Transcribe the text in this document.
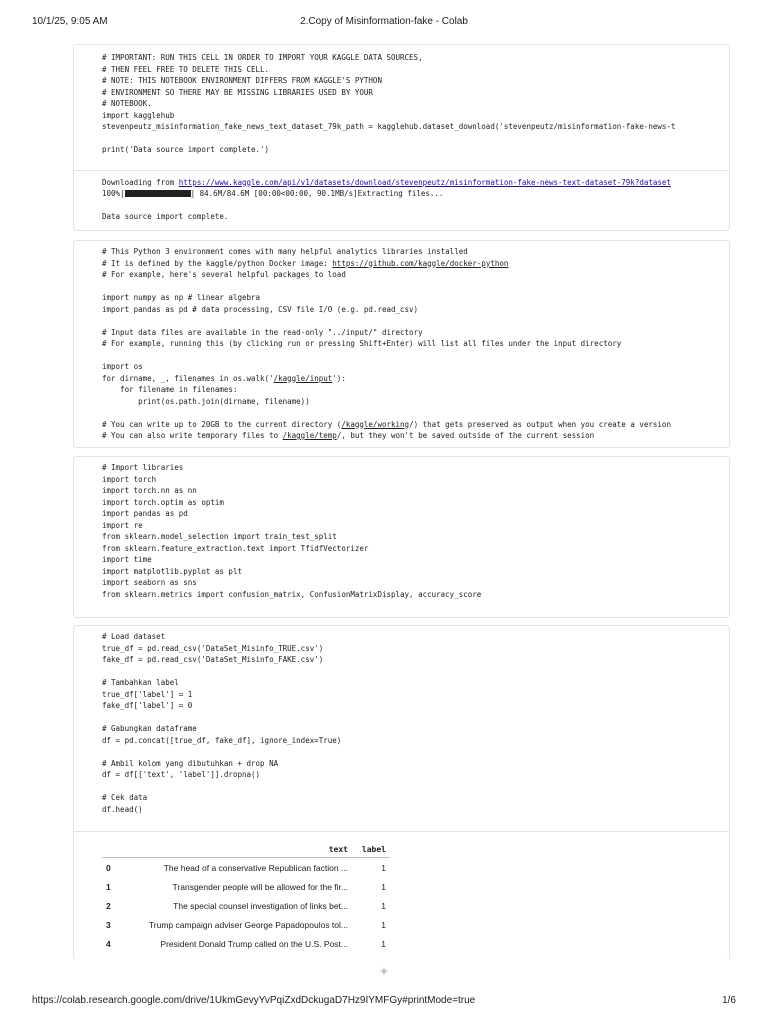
10/1/25, 9:05 AM	2.Copy of Misinformation-fake - Colab
# IMPORTANT: RUN THIS CELL IN ORDER TO IMPORT YOUR KAGGLE DATA SOURCES,
# THEN FEEL FREE TO DELETE THIS CELL.
# NOTE: THIS NOTEBOOK ENVIRONMENT DIFFERS FROM KAGGLE'S PYTHON
# ENVIRONMENT SO THERE MAY BE MISSING LIBRARIES USED BY YOUR
# NOTEBOOK.
import kagglehub
stevenpeutz_misinformation_fake_news_text_dataset_79k_path = kagglehub.dataset_download('stevenpeutz/misinformation-fake-news-t
print('Data source import complete.')
Downloading from https://www.kaggle.com/api/v1/datasets/download/stevenpeutz/misinformation-fake-news-text-dataset-79k?dataset
100%|	| 84.6M/84.6M [00:00<00:00, 90.1MB/s]Extracting files...
Data source import complete.
# This Python 3 environment comes with many helpful analytics libraries installed
# It is defined by the kaggle/python Docker image: https://github.com/kaggle/docker-python
# For example, here's several helpful packages to load
import numpy as np # linear algebra
import pandas as pd # data processing, CSV file I/O (e.g. pd.read_csv)
# Input data files are available in the read-only "../input/" directory
# For example, running this (by clicking run or pressing Shift+Enter) will list all files under the input directory
import os
for dirname, _, filenames in os.walk('/kaggle/input'):
for filename in filenames:
print(os.path.join(dirname, filename))
# You can write up to 20GB to the current directory (/kaggle/working/) that gets preserved as output when you create a version
# You can also write temporary files to /kaggle/temp/, but they won't be saved outside of the current session
# Import libraries
import torch
import torch.nn as nn
import torch.optim as optim
import pandas as pd
import re
from sklearn.model_selection import train_test_split
from sklearn.feature_extraction.text import TfidfVectorizer
import time
import matplotlib.pyplot as plt
import seaborn as sns
from sklearn.metrics import confusion_matrix, ConfusionMatrixDisplay, accuracy_score
# Load dataset
true_df = pd.read_csv('DataSet_Misinfo_TRUE.csv')
fake_df = pd.read_csv('DataSet_Misinfo_FAKE.csv')
# Tambahkan label
true_df['label'] = 1
fake_df['label'] = 0
# Gabungkan dataframe
df = pd.concat([true_df, fake_df], ignore_index=True)
# Ambil kolom yang dibutuhkan + drop NA
df = df[['text', 'label']].dropna()
# Cek data
df.head()
	text	label
0	The head of a conservative Republican faction ...	1
1	Transgender people will be allowed for the fir...	1
2	The special counsel investigation of links bet...	1
3	Trump campaign adviser George Papadopoulos tol...	1
4	President Donald Trump called on the U.S. Post...	1
✦
https://colab.research.google.com/drive/1UkmGevyYvPqiZxdDckugaD7Hz9IYMFGy#printMode=true	1/6
